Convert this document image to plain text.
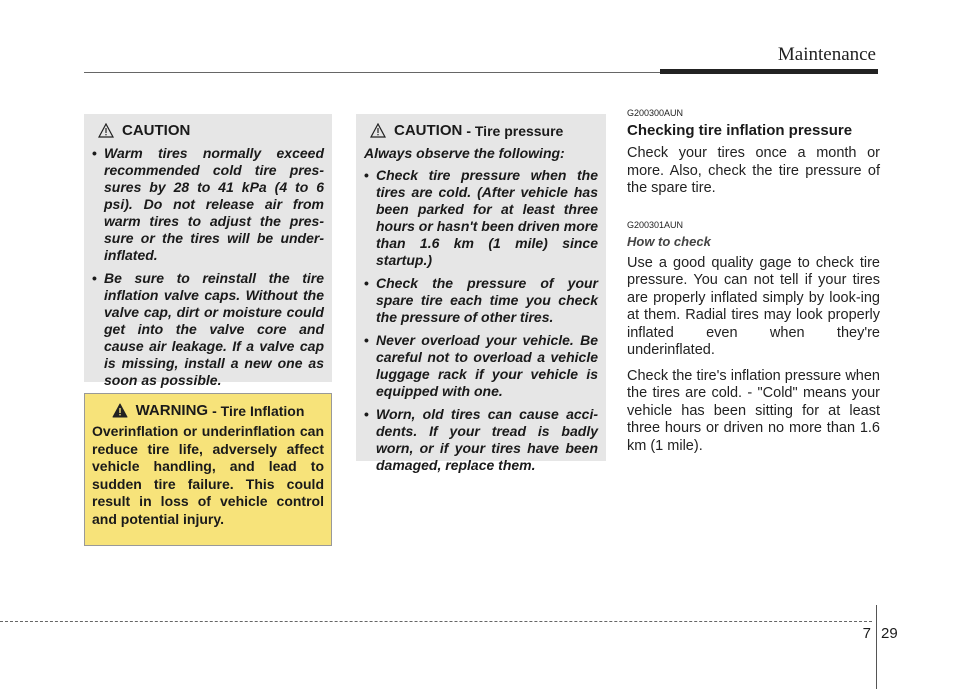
Maintenance
CAUTION
• Warm tires normally exceed recommended cold tire pres-sures by 28 to 41 kPa (4 to 6 psi). Do not release air from warm tires to adjust the pres-sure or the tires will be under-inflated.
• Be sure to reinstall the tire inflation valve caps. Without the valve cap, dirt or moisture could get into the valve core and cause air leakage. If a valve cap is missing, install a new one as soon as possible.
WARNING - Tire Inflation

Overinflation or underinflation can reduce tire life, adversely affect vehicle handling, and lead to sudden tire failure. This could result in loss of vehicle control and potential injury.

CAUTION - Tire pressure

Always observe the following:

• Check tire pressure when the tires are cold. (After vehicle has been parked for at least three hours or hasn't been driven more than 1.6 km (1 mile) since startup.)
• Check the pressure of your spare tire each time you check the pressure of other tires.
• Never overload your vehicle. Be careful not to overload a vehicle luggage rack if your vehicle is equipped with one.
• Worn, old tires can cause acci-dents. If your tread is badly worn, or if your tires have been damaged, replace them.

G200300AUN

Checking tire inflation pressure

Check your tires once a month or more. Also, check the tire pressure of the spare tire.

G200301AUN

How to check

Use a good quality gage to check tire pressure. You can not tell if your tires are properly inflated simply by look-ing at them. Radial tires may look properly inflated even when they're underinflated.

Check the tire's inflation pressure when the tires are cold. - "Cold" means your vehicle has been sitting for at least three hours or driven no more than 1.6 km (1 mile).

7 29
